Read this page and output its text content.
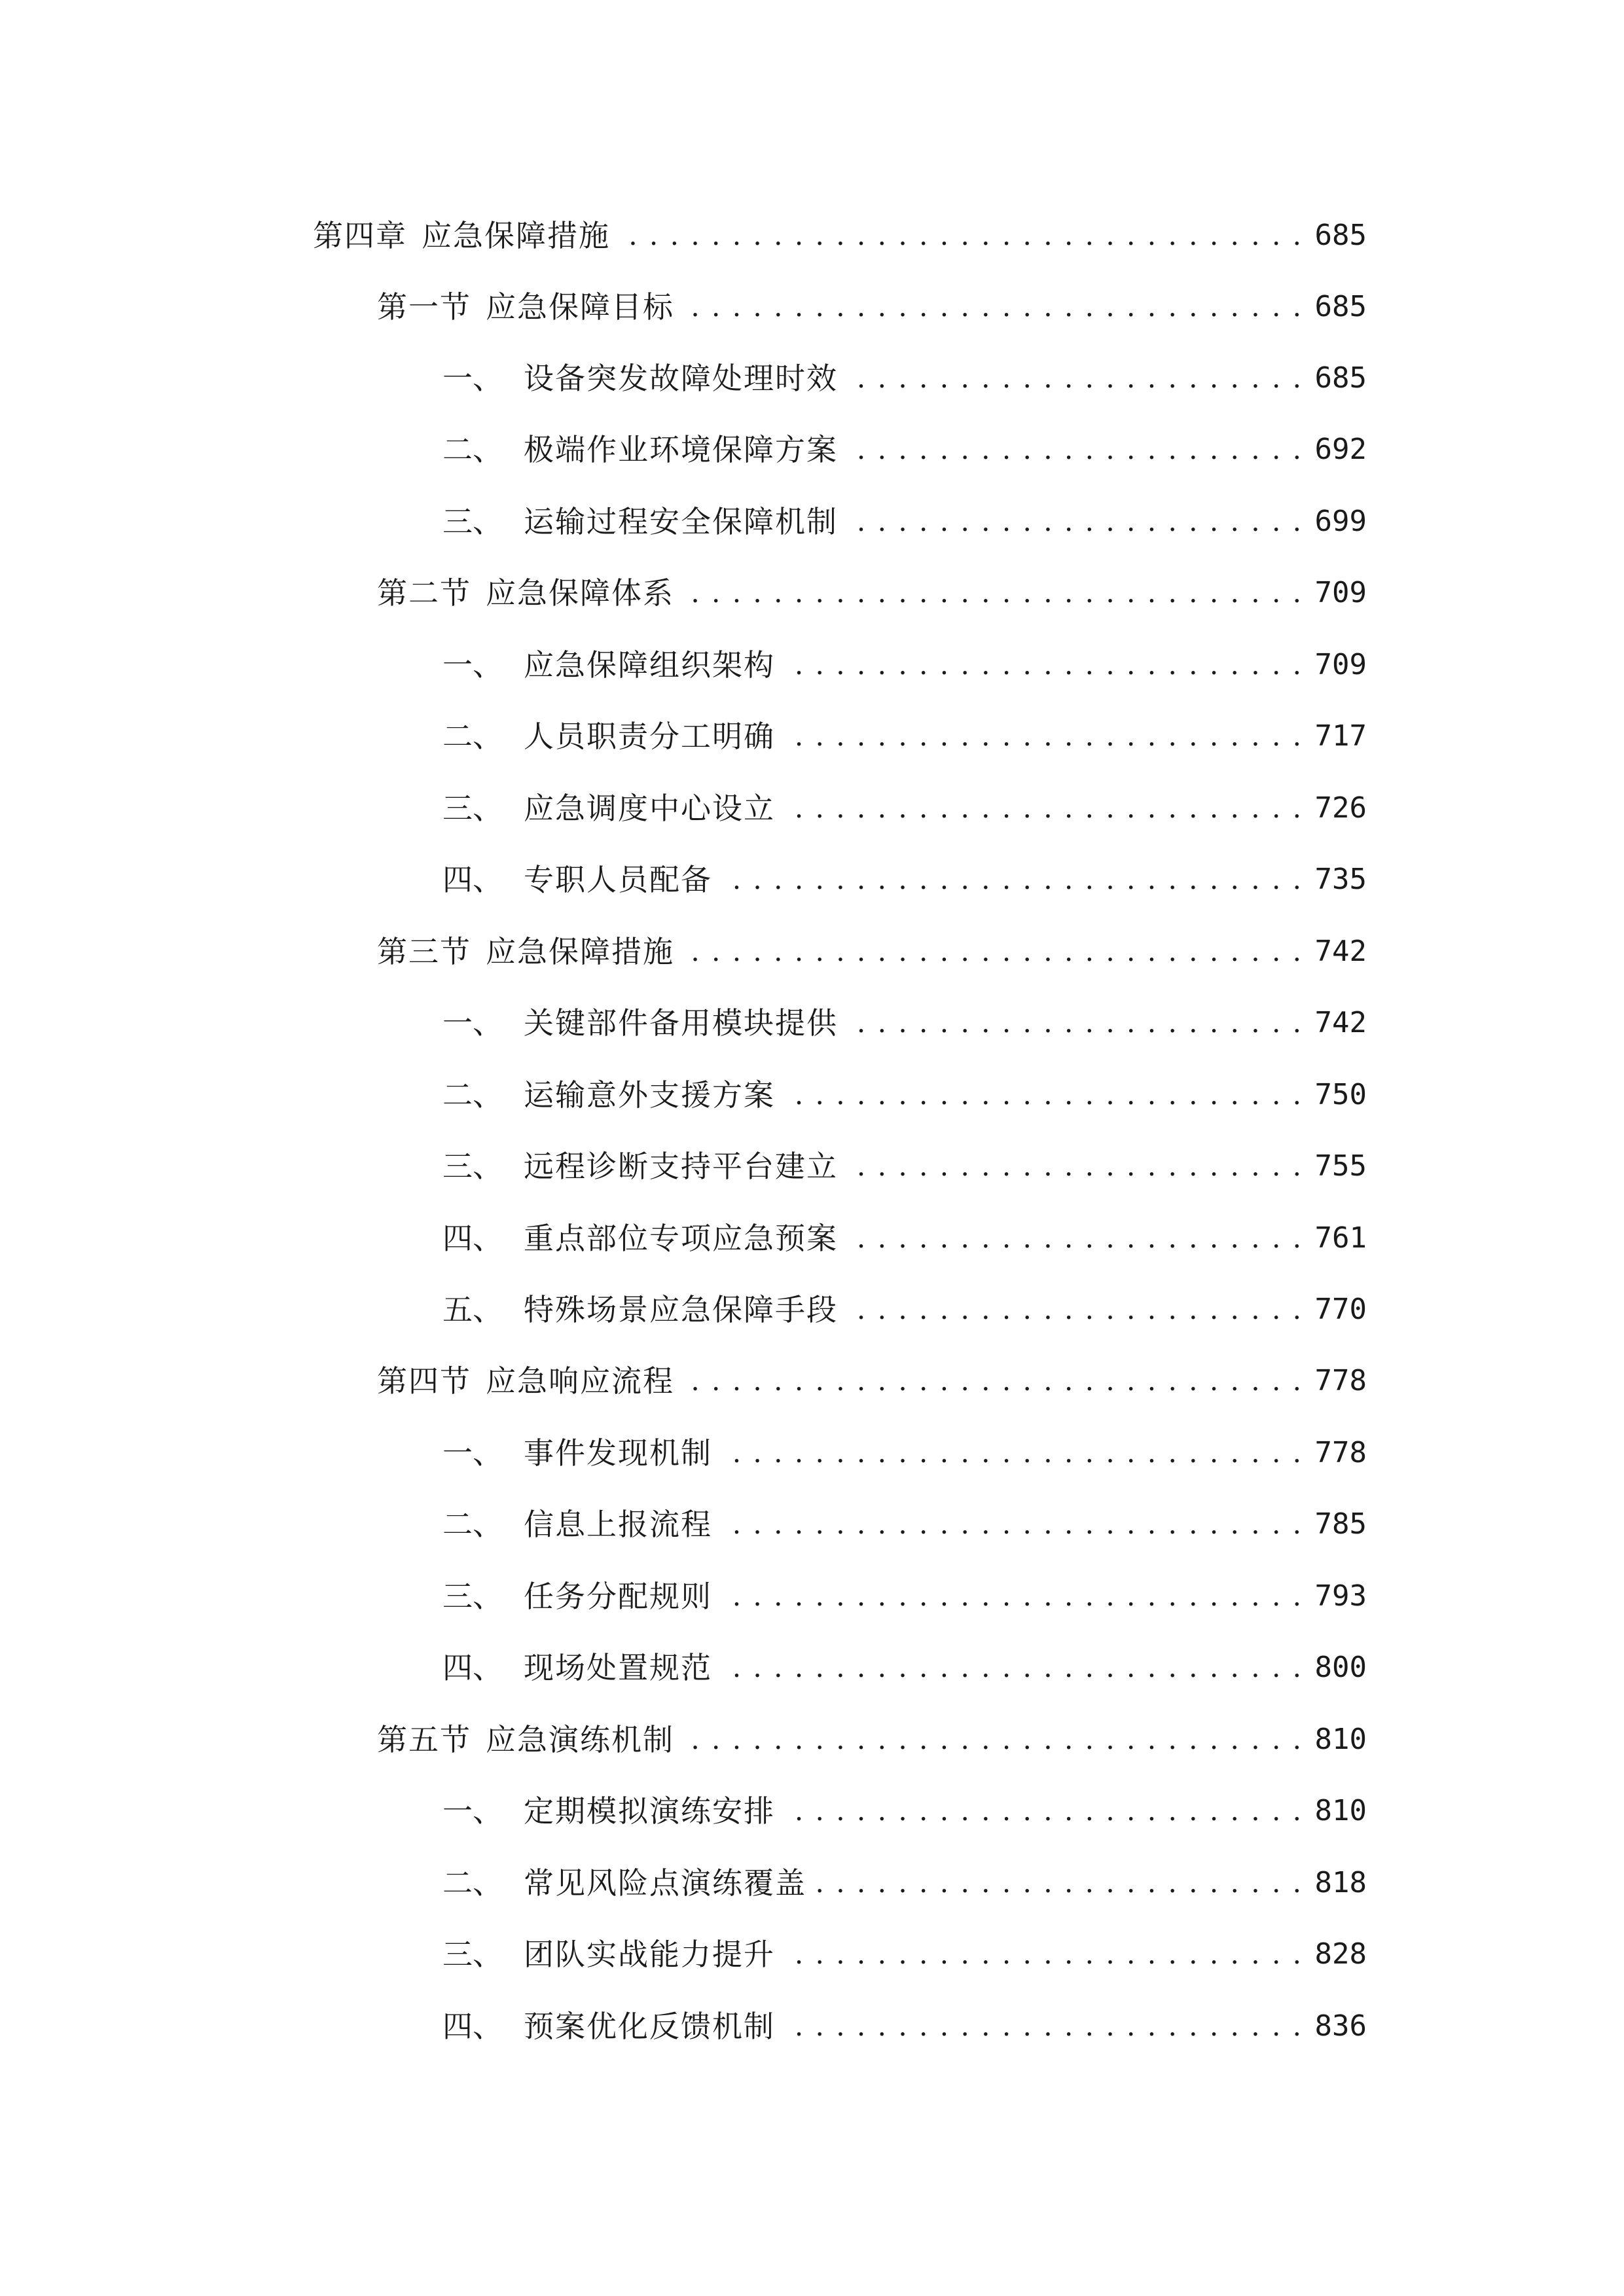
第四章 应急保障措施 . . .	685
第一节 应急保障目标 . . .	685
一、 设备突发故障处理时效 . . .	685
二、 极端作业环境保障方案 . . .	692
三、 运输过程安全保障机制 . . .	699
第二节 应急保障体系 . . .	709
一、 应急保障组织架构 . . .	709
二、 人员职责分工明确 . . .	717
三、 应急调度中心设立 . . .	726
四、 专职人员配备 . . .	735
第三节 应急保障措施 . . .	742
一、 关键部件备用模块提供 . . .	742
二、 运输意外支援方案 . . .	750
三、 远程诊断支持平台建立 . . .	755
四、 重点部位专项应急预案 . . .	761
五、 特殊场景应急保障手段 . . .	770
第四节 应急响应流程 . . .	778
一、 事件发现机制 . . .	778
二、 信息上报流程 . . .	785
三、 任务分配规则 . . .	793
四、 现场处置规范 . . .	800
第五节 应急演练机制 . . .	810
一、 定期模拟演练安排 . . .	810
二、 常见风险点演练覆盖 . . .	818
三、 团队实战能力提升 . . .	828
四、 预案优化反馈机制 . . .	836
